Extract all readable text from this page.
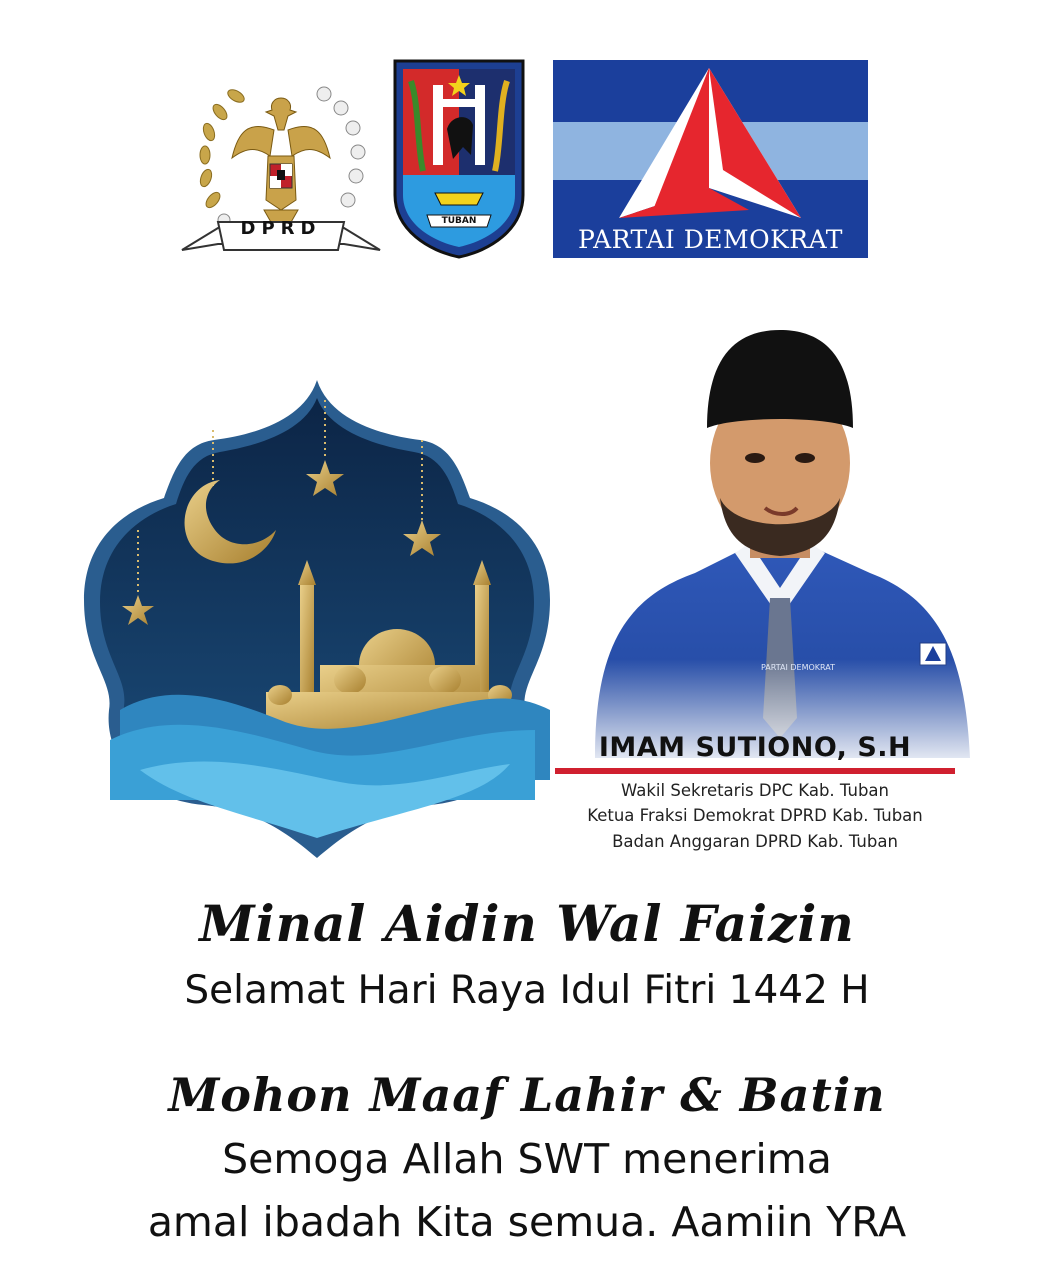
DPRD	TUBAN
PARTAI DEMOKRAT
PARTAI DEMOKRAT
IMAM SUTIONO, S.H
Wakil Sekretaris DPC Kab. Tuban
Ketua Fraksi Demokrat DPRD Kab. Tuban
Badan Anggaran DPRD Kab. Tuban
Minal Aidin Wal Faizin
Selamat Hari Raya Idul Fitri 1442 H
Mohon Maaf Lahir & Batin
Semoga Allah SWT menerima
amal ibadah Kita semua. Aamiin YRA
